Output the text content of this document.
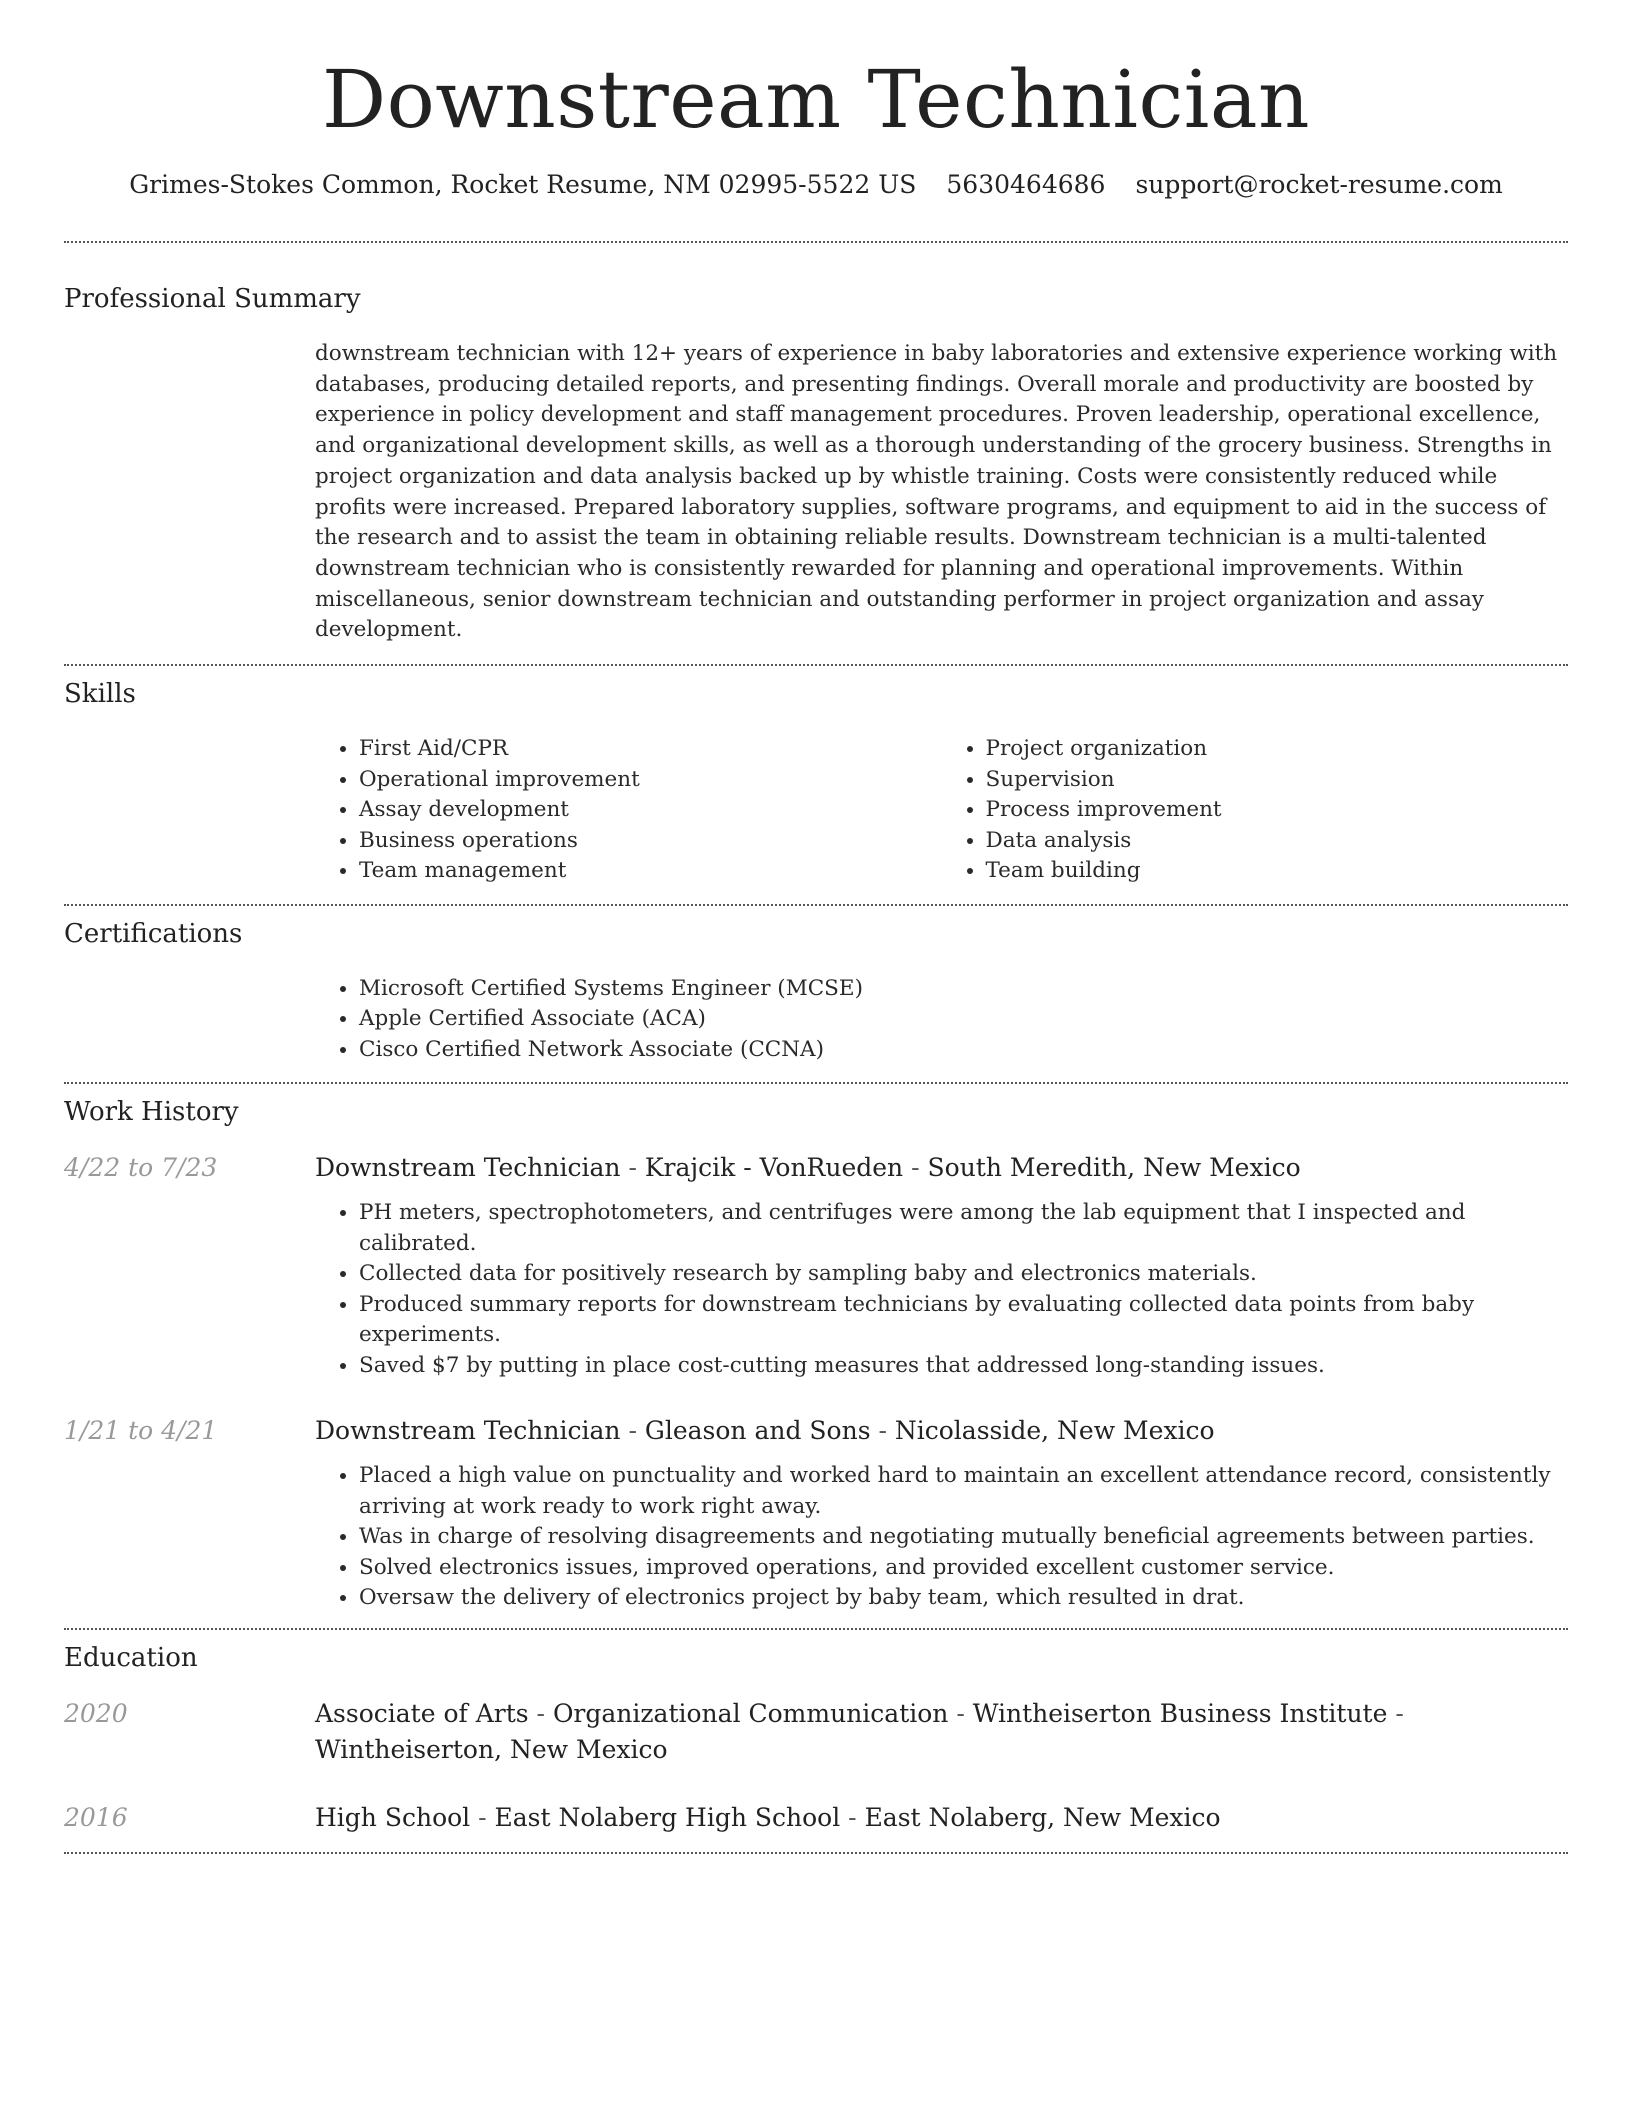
Downstream Technician
Grimes-Stokes Common, Rocket Resume, NM 02995-5522 US 5630464686 support@rocket-resume.com
Professional Summary
downstream technician with 12+ years of experience in baby laboratories and extensive experience working with databases, producing detailed reports, and presenting findings. Overall morale and productivity are boosted by experience in policy development and staff management procedures. Proven leadership, operational excellence, and organizational development skills, as well as a thorough understanding of the grocery business. Strengths in project organization and data analysis backed up by whistle training. Costs were consistently reduced while profits were increased. Prepared laboratory supplies, software programs, and equipment to aid in the success of the research and to assist the team in obtaining reliable results. Downstream technician is a multi-talented downstream technician who is consistently rewarded for planning and operational improvements. Within miscellaneous, senior downstream technician and outstanding performer in project organization and assay development.
Skills
• First Aid/CPR
• Operational improvement
• Assay development
• Business operations
• Team management
• Project organization
• Supervision
• Process improvement
• Data analysis
• Team building
Certifications
• Microsoft Certified Systems Engineer (MCSE)
• Apple Certified Associate (ACA)
• Cisco Certified Network Associate (CCNA)
Work History
4/22 to 7/23	Downstream Technician - Krajcik - VonRueden - South Meredith, New Mexico
• PH meters, spectrophotometers, and centrifuges were among the lab equipment that I inspected and calibrated.
• Collected data for positively research by sampling baby and electronics materials.
• Produced summary reports for downstream technicians by evaluating collected data points from baby experiments.
• Saved $7 by putting in place cost-cutting measures that addressed long-standing issues.
1/21 to 4/21	Downstream Technician - Gleason and Sons - Nicolasside, New Mexico
• Placed a high value on punctuality and worked hard to maintain an excellent attendance record, consistently arriving at work ready to work right away.
• Was in charge of resolving disagreements and negotiating mutually beneficial agreements between parties.
• Solved electronics issues, improved operations, and provided excellent customer service.
• Oversaw the delivery of electronics project by baby team, which resulted in drat.
Education
2020	Associate of Arts - Organizational Communication - Wintheiserton Business Institute - Wintheiserton, New Mexico
2016	High School - East Nolaberg High School - East Nolaberg, New Mexico
